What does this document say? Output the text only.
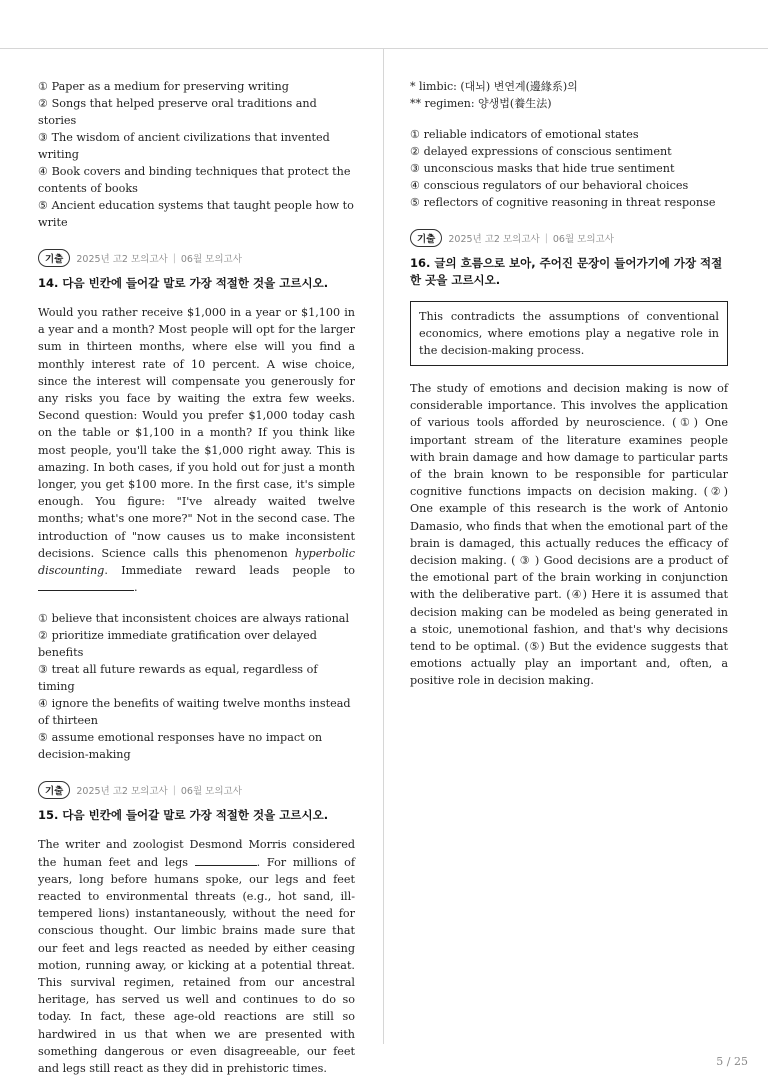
① Paper as a medium for preserving writing
② Songs that helped preserve oral traditions and stories
③ The wisdom of ancient civilizations that invented writing
④ Book covers and binding techniques that protect the contents of books
⑤ Ancient education systems that taught people how to write
기출	2025년 고2 모의고사 | 06월 모의고사
14. 다음 빈칸에 들어갈 말로 가장 적절한 것을 고르시오.

Would you rather receive $1,000 in a year or $1,100 in a year and a month? Most people will opt for the larger sum in thirteen months, where else will you find a monthly interest rate of 10 percent. A wise choice, since the interest will compensate you generously for any risks you face by waiting the extra few weeks. Second question: Would you prefer $1,000 today cash on the table or $1,100 in a month? If you think like most people, you'll take the $1,000 right away. This is amazing. In both cases, if you hold out for just a month longer, you get $100 more. In the first case, it's simple enough. You figure: "I've already waited twelve months; what's one more?" Not in the second case. The introduction of "now causes us to make inconsistent decisions. Science calls this phenomenon hyperbolic discounting. Immediate reward leads people to .

① believe that inconsistent choices are always rational
② prioritize immediate gratification over delayed benefits
③ treat all future rewards as equal, regardless of timing
④ ignore the benefits of waiting twelve months instead of thirteen
⑤ assume emotional responses have no impact on decision-making
기출	2025년 고2 모의고사 | 06월 모의고사
15. 다음 빈칸에 들어갈 말로 가장 적절한 것을 고르시오.

The writer and zoologist Desmond Morris considered the human feet and legs	. For millions of years, long before humans spoke, our legs and feet reacted to environmental threats (e.g., hot sand, ill-tempered lions) instantaneously, without the need for conscious thought. Our limbic brains made sure that our feet and legs reacted as needed by either ceasing motion, running away, or kicking at a potential threat. This survival regimen, retained from our ancestral heritage, has served us well and continues to do so today. In fact, these age-old reactions are still so hardwired in us that when we are presented with something dangerous or even disagreeable, our feet and legs still react as they did in prehistoric times.

* limbic: (대뇌) 변연계(邊緣系)의
** regimen: 양생법(養生法)
① reliable indicators of emotional states
② delayed expressions of conscious sentiment
③ unconscious masks that hide true sentiment
④ conscious regulators of our behavioral choices
⑤ reflectors of cognitive reasoning in threat response
기출	2025년 고2 모의고사 | 06월 모의고사
16. 글의 흐름으로 보아, 주어진 문장이 들어가기에 가장 적절한 곳을 고르시오.
This contradicts the assumptions of conventional economics, where emotions play a negative role in the decision-making process.

The study of emotions and decision making is now of considerable importance. This involves the application of various tools afforded by neuroscience. (①) One important stream of the literature examines people with brain damage and how damage to particular parts of the brain known to be responsible for particular cognitive functions impacts on decision making. (②) One example of this research is the work of Antonio Damasio, who finds that when the emotional part of the brain is damaged, this actually reduces the efficacy of decision making. ( ③ ) Good decisions are a product of the emotional part of the brain working in conjunction with the deliberative part. (④) Here it is assumed that decision making can be modeled as being generated in a stoic, unemotional fashion, and that's why decisions tend to be optimal. (⑤) But the evidence suggests that emotions actually play an important and, often, a positive role in decision making.

5 / 25
